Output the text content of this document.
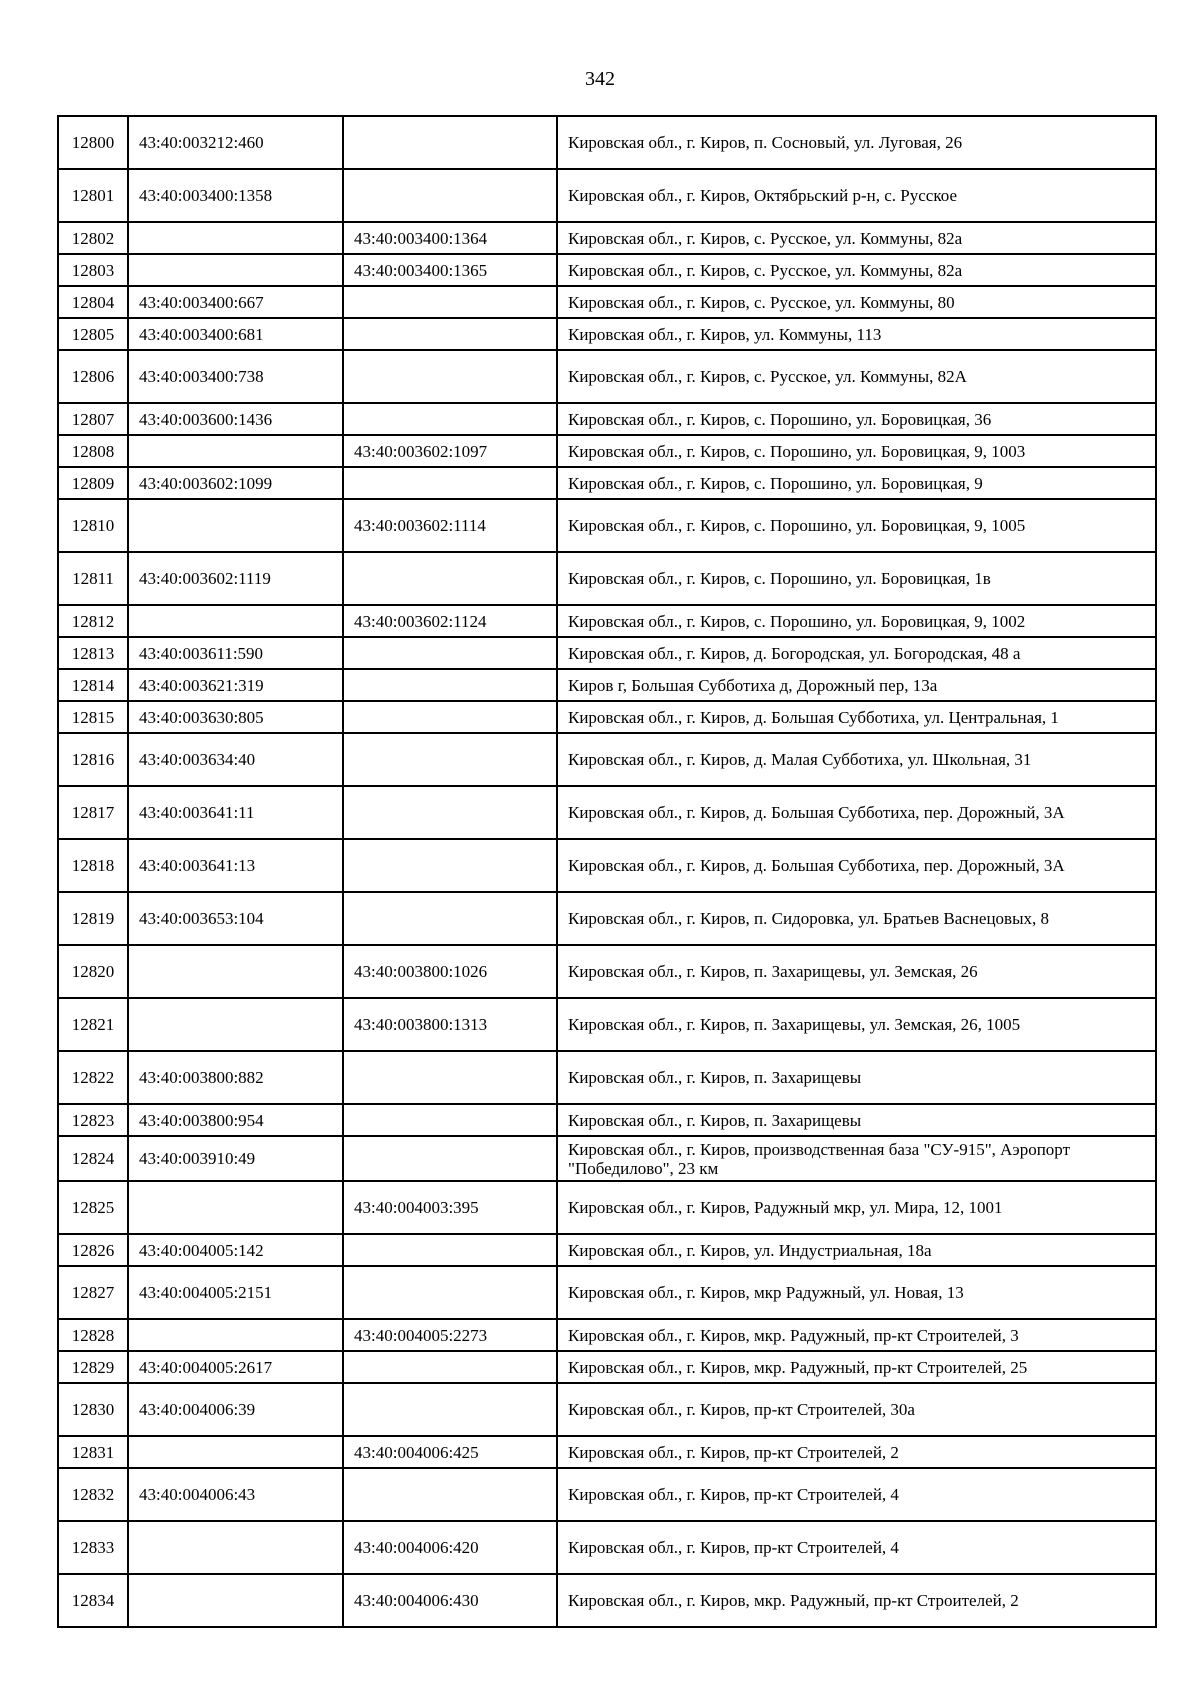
342
12800	43:40:003212:460		Кировская обл., г. Киров, п. Сосновый, ул. Луговая, 26
12801	43:40:003400:1358		Кировская обл., г. Киров, Октябрьский р-н, с. Русское
12802		43:40:003400:1364	Кировская обл., г. Киров, с. Русское, ул. Коммуны, 82а
12803		43:40:003400:1365	Кировская обл., г. Киров, с. Русское, ул. Коммуны, 82а
12804	43:40:003400:667		Кировская обл., г. Киров, с. Русское, ул. Коммуны, 80
12805	43:40:003400:681		Кировская обл., г. Киров, ул. Коммуны, 113
12806	43:40:003400:738		Кировская обл., г. Киров, с. Русское, ул. Коммуны, 82А
12807	43:40:003600:1436		Кировская обл., г. Киров, с. Порошино, ул. Боровицкая, 36
12808		43:40:003602:1097	Кировская обл., г. Киров, с. Порошино, ул. Боровицкая, 9, 1003
12809	43:40:003602:1099		Кировская обл., г. Киров, с. Порошино, ул. Боровицкая, 9
12810		43:40:003602:1114	Кировская обл., г. Киров, с. Порошино, ул. Боровицкая, 9, 1005
12811	43:40:003602:1119		Кировская обл., г. Киров, с. Порошино, ул. Боровицкая, 1в
12812		43:40:003602:1124	Кировская обл., г. Киров, с. Порошино, ул. Боровицкая, 9, 1002
12813	43:40:003611:590		Кировская обл., г. Киров, д. Богородская, ул. Богородская, 48 а
12814	43:40:003621:319		Киров г, Большая Субботиха д, Дорожный пер, 13а
12815	43:40:003630:805		Кировская обл., г. Киров, д. Большая Субботиха, ул. Центральная, 1
12816	43:40:003634:40		Кировская обл., г. Киров, д. Малая Субботиха, ул. Школьная, 31
12817	43:40:003641:11		Кировская обл., г. Киров, д. Большая Субботиха, пер. Дорожный, 3А
12818	43:40:003641:13		Кировская обл., г. Киров, д. Большая Субботиха, пер. Дорожный, 3А
12819	43:40:003653:104		Кировская обл., г. Киров, п. Сидоровка, ул. Братьев Васнецовых, 8
12820		43:40:003800:1026	Кировская обл., г. Киров, п. Захарищевы, ул. Земская, 26
12821		43:40:003800:1313	Кировская обл., г. Киров, п. Захарищевы, ул. Земская, 26, 1005
12822	43:40:003800:882		Кировская обл., г. Киров, п. Захарищевы
12823	43:40:003800:954		Кировская обл., г. Киров, п. Захарищевы
12824	43:40:003910:49		Кировская обл., г. Киров, производственная база "СУ-915", Аэропорт "Победилово", 23 км
12825		43:40:004003:395	Кировская обл., г. Киров, Радужный мкр, ул. Мира, 12, 1001
12826	43:40:004005:142		Кировская обл., г. Киров, ул. Индустриальная, 18а
12827	43:40:004005:2151		Кировская обл., г. Киров, мкр Радужный, ул. Новая, 13
12828		43:40:004005:2273	Кировская обл., г. Киров, мкр. Радужный, пр-кт Строителей, 3
12829	43:40:004005:2617		Кировская обл., г. Киров, мкр. Радужный, пр-кт Строителей, 25
12830	43:40:004006:39		Кировская обл., г. Киров, пр-кт Строителей, 30а
12831		43:40:004006:425	Кировская обл., г. Киров, пр-кт Строителей, 2
12832	43:40:004006:43		Кировская обл., г. Киров, пр-кт Строителей, 4
12833		43:40:004006:420	Кировская обл., г. Киров, пр-кт Строителей, 4
12834		43:40:004006:430	Кировская обл., г. Киров, мкр. Радужный, пр-кт Строителей, 2
